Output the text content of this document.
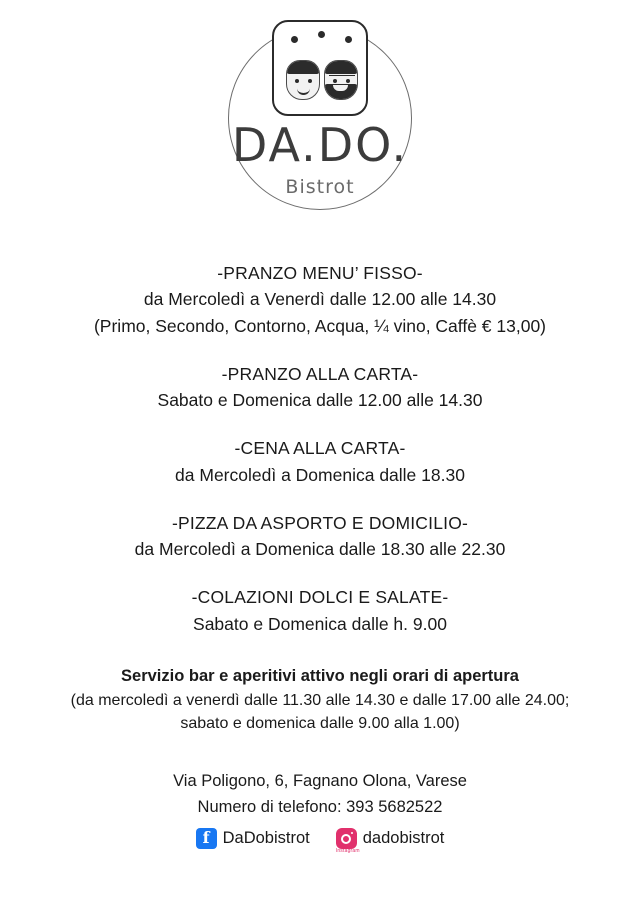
DA.DO.
Bistrot
-PRANZO MENU’ FISSO-
da Mercoledì a Venerdì dalle 12.00 alle 14.30
(Primo, Secondo, Contorno, Acqua, ¼ vino, Caffè € 13,00)
-PRANZO ALLA CARTA-
Sabato e Domenica dalle 12.00 alle 14.30
-CENA ALLA CARTA-
da Mercoledì a Domenica dalle 18.30
-PIZZA DA ASPORTO E DOMICILIO-
da Mercoledì a Domenica dalle 18.30 alle 22.30
-COLAZIONI DOLCI E SALATE-
Sabato e Domenica dalle h. 9.00
Servizio bar e aperitivi attivo negli orari di apertura
(da mercoledì a venerdì dalle 11.30 alle 14.30 e dalle 17.00 alle 24.00;
sabato e domenica dalle 9.00 alla 1.00)
Via Poligono, 6, Fagnano Olona, Varese
Numero di telefono: 393 5682522
f DaDobistrot
Instagram
dadobistrot
